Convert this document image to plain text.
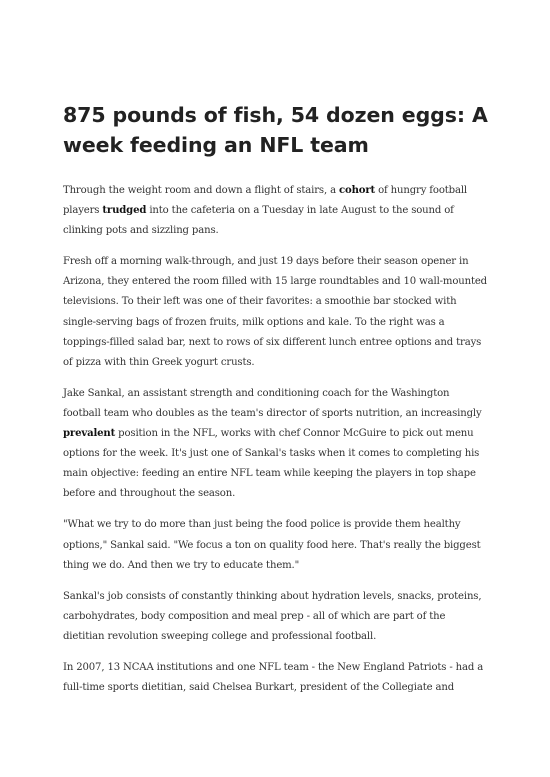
875 pounds of fish, 54 dozen eggs: A week feeding an NFL team

Through the weight room and down a flight of stairs, a cohort of hungry football players trudged into the cafeteria on a Tuesday in late August to the sound of clinking pots and sizzling pans.

Fresh off a morning walk-through, and just 19 days before their season opener in Arizona, they entered the room filled with 15 large roundtables and 10 wall-mounted televisions. To their left was one of their favorites: a smoothie bar stocked with single-serving bags of frozen fruits, milk options and kale. To the right was a toppings-filled salad bar, next to rows of six different lunch entree options and trays of pizza with thin Greek yogurt crusts.

Jake Sankal, an assistant strength and conditioning coach for the Washington football team who doubles as the team's director of sports nutrition, an increasingly prevalent position in the NFL, works with chef Connor McGuire to pick out menu options for the week. It's just one of Sankal's tasks when it comes to completing his main objective: feeding an entire NFL team while keeping the players in top shape before and throughout the season.

"What we try to do more than just being the food police is provide them healthy options," Sankal said. "We focus a ton on quality food here. That's really the biggest thing we do. And then we try to educate them."

Sankal's job consists of constantly thinking about hydration levels, snacks, proteins, carbohydrates, body composition and meal prep - all of which are part of the dietitian revolution sweeping college and professional football.

In 2007, 13 NCAA institutions and one NFL team - the New England Patriots - had a full-time sports dietitian, said Chelsea Burkart, president of the Collegiate and
